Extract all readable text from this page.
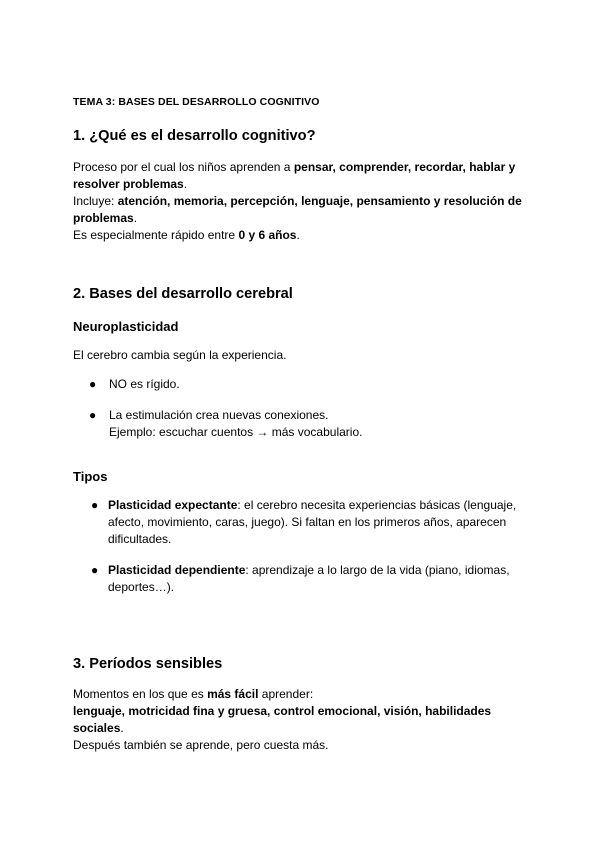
TEMA 3: BASES DEL DESARROLLO COGNITIVO
1. ¿Qué es el desarrollo cognitivo?
Proceso por el cual los niños aprenden a pensar, comprender, recordar, hablar y
resolver problemas.
Incluye: atención, memoria, percepción, lenguaje, pensamiento y resolución de
problemas.
Es especialmente rápido entre 0 y 6 años.
2. Bases del desarrollo cerebral
Neuroplasticidad
El cerebro cambia según la experiencia.
● NO es rígido.
● La estimulación crea nuevas conexiones.
Ejemplo: escuchar cuentos → más vocabulario.
Tipos
● Plasticidad expectante: el cerebro necesita experiencias básicas (lenguaje,
afecto, movimiento, caras, juego). Si faltan en los primeros años, aparecen
dificultades.
● Plasticidad dependiente: aprendizaje a lo largo de la vida (piano, idiomas,
deportes…).
3. Períodos sensibles
Momentos en los que es más fácil aprender:
lenguaje, motricidad fina y gruesa, control emocional, visión, habilidades
sociales.
Después también se aprende, pero cuesta más.
